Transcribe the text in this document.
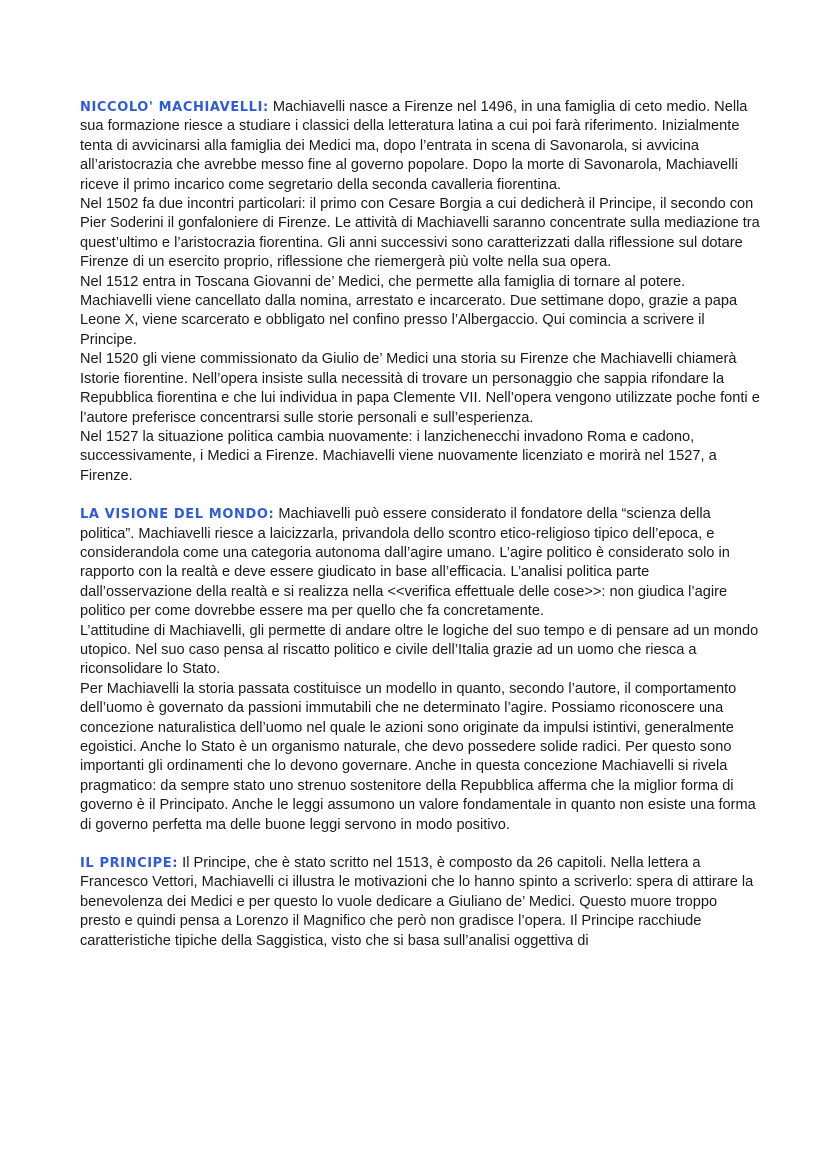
NICCOLO' MACHIAVELLI: Machiavelli nasce a Firenze nel 1496, in una famiglia di ceto medio. Nella sua formazione riesce a studiare i classici della letteratura latina a cui poi farà riferimento. Inizialmente tenta di avvicinarsi alla famiglia dei Medici ma, dopo l’entrata in scena di Savonarola, si avvicina all’aristocrazia che avrebbe messo fine al governo popolare. Dopo la morte di Savonarola, Machiavelli riceve il primo incarico come segretario della seconda cavalleria fiorentina.

Nel 1502 fa due incontri particolari: il primo con Cesare Borgia a cui dedicherà il Principe, il secondo con Pier Soderini il gonfaloniere di Firenze. Le attività di Machiavelli saranno concentrate sulla mediazione tra quest’ultimo e l’aristocrazia fiorentina. Gli anni successivi sono caratterizzati dalla riflessione sul dotare Firenze di un esercito proprio, riflessione che riemergerà più volte nella sua opera.

Nel 1512 entra in Toscana Giovanni de’ Medici, che permette alla famiglia di tornare al potere. Machiavelli viene cancellato dalla nomina, arrestato e incarcerato. Due settimane dopo, grazie a papa Leone X, viene scarcerato e obbligato nel confino presso l’Albergaccio. Qui comincia a scrivere il Principe.

Nel 1520 gli viene commissionato da Giulio de’ Medici una storia su Firenze che Machiavelli chiamerà Istorie fiorentine. Nell’opera insiste sulla necessità di trovare un personaggio che sappia rifondare la Repubblica fiorentina e che lui individua in papa Clemente VII. Nell’opera vengono utilizzate poche fonti e l’autore preferisce concentrarsi sulle storie personali e sull’esperienza.

Nel 1527 la situazione politica cambia nuovamente: i lanzichenecchi invadono Roma e cadono, successivamente, i Medici a Firenze. Machiavelli viene nuovamente licenziato e morirà nel 1527, a Firenze.

LA VISIONE DEL MONDO: Machiavelli può essere considerato il fondatore della “scienza della politica”. Machiavelli riesce a laicizzarla, privandola dello scontro etico-religioso tipico dell’epoca, e considerandola come una categoria autonoma dall’agire umano. L’agire politico è considerato solo in rapporto con la realtà e deve essere giudicato in base all’efficacia. L’analisi politica parte dall’osservazione della realtà e si realizza nella <<verifica effettuale delle cose>>: non giudica l’agire politico per come dovrebbe essere ma per quello che fa concretamente.

L’attitudine di Machiavelli, gli permette di andare oltre le logiche del suo tempo e di pensare ad un mondo utopico. Nel suo caso pensa al riscatto politico e civile dell’Italia grazie ad un uomo che riesca a riconsolidare lo Stato.

Per Machiavelli la storia passata costituisce un modello in quanto, secondo l’autore, il comportamento dell’uomo è governato da passioni immutabili che ne determinato l’agire. Possiamo riconoscere una concezione naturalistica dell’uomo nel quale le azioni sono originate da impulsi istintivi, generalmente egoistici. Anche lo Stato è un organismo naturale, che devo possedere solide radici. Per questo sono importanti gli ordinamenti che lo devono governare. Anche in questa concezione Machiavelli si rivela pragmatico: da sempre stato uno strenuo sostenitore della Repubblica afferma che la miglior forma di governo è il Principato. Anche le leggi assumono un valore fondamentale in quanto non esiste una forma di governo perfetta ma delle buone leggi servono in modo positivo.

IL PRINCIPE: Il Principe, che è stato scritto nel 1513, è composto da 26 capitoli. Nella lettera a Francesco Vettori, Machiavelli ci illustra le motivazioni che lo hanno spinto a scriverlo: spera di attirare la benevolenza dei Medici e per questo lo vuole dedicare a Giuliano de’ Medici. Questo muore troppo presto e quindi pensa a Lorenzo il Magnifico che però non gradisce l’opera. Il Principe racchiude caratteristiche tipiche della Saggistica, visto che si basa sull’analisi oggettiva di
